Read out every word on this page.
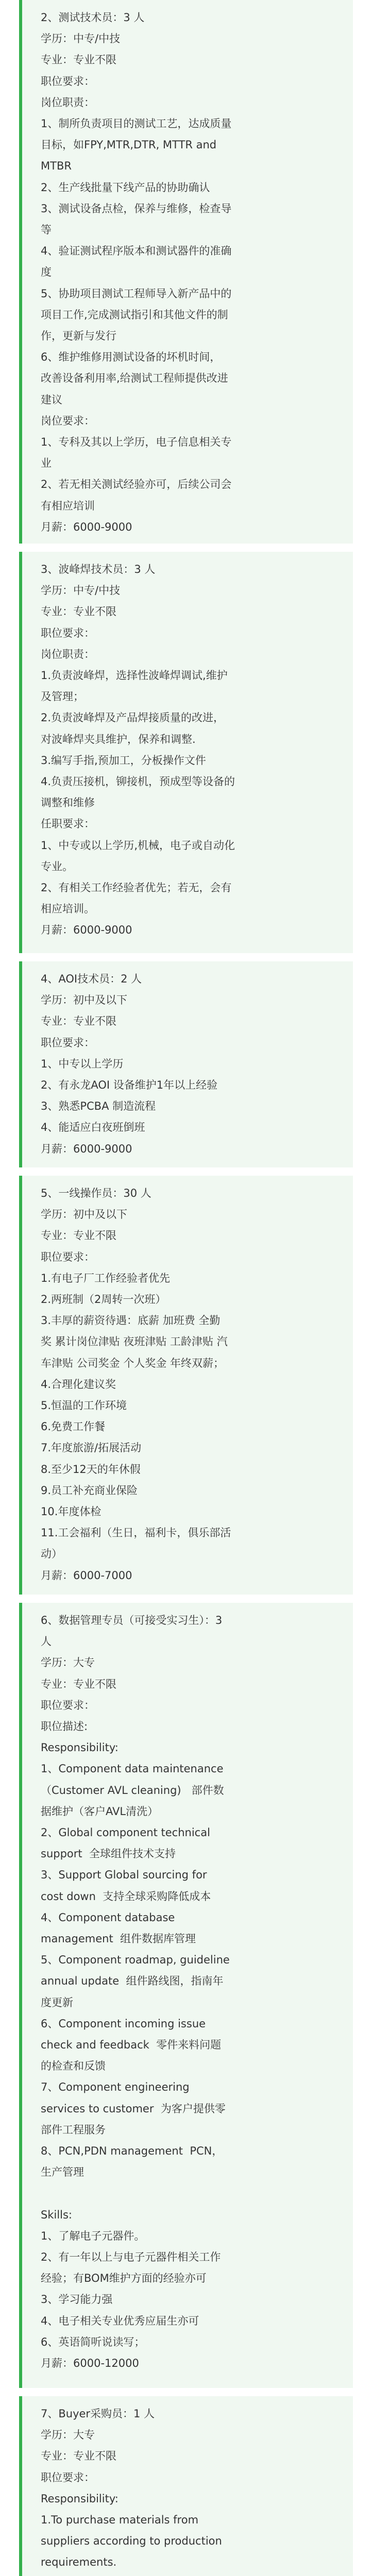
2、测试技术员：3 人
学历：中专/中技
专业：专业不限
职位要求：
岗位职责：
1、制所负责项目的测试工艺，达成质量
目标，如FPY,MTR,DTR, MTTR and
MTBR
2、生产线批量下线产品的协助确认
3、测试设备点检，保养与维修，检查导
等
4、验证测试程序版本和测试器件的准确
度
5、协助项目测试工程师导入新产品中的
项目工作,完成测试指引和其他文件的制
作，更新与发行
6、维护维修用测试设备的坏机时间，
改善设备利用率,给测试工程师提供改进
建议
岗位要求：
1、专科及其以上学历，电子信息相关专
业
2、若无相关测试经验亦可，后续公司会
有相应培训
月薪：6000-9000
3、波峰焊技术员：3 人
学历：中专/中技
专业：专业不限
职位要求：
岗位职责：
1.负责波峰焊，选择性波峰焊调试,维护
及管理；
2.负责波峰焊及产品焊接质量的改进，
对波峰焊夹具维护，保养和调整.
3.编写手指,预加工，分板操作文件
4.负责压接机，铆接机，预成型等设备的
调整和维修
任职要求：
1、中专或以上学历,机械，电子或自动化
专业。
2、有相关工作经验者优先；若无，会有
相应培训。
月薪：6000-9000
4、AOI技术员：2 人
学历：初中及以下
专业：专业不限
职位要求：
1、中专以上学历
2、有永龙AOI 设备维护1年以上经验
3、熟悉PCBA 制造流程
4、能适应白夜班倒班
月薪：6000-9000
5、一线操作员：30 人
学历：初中及以下
专业：专业不限
职位要求：
1.有电子厂工作经验者优先
2.两班制（2周转一次班）
3.丰厚的薪资待遇：底薪 加班费 全勤
奖 累计岗位津贴 夜班津贴 工龄津贴 汽
车津贴 公司奖金 个人奖金 年终双薪；
4.合理化建议奖
5.恒温的工作环境
6.免费工作餐
7.年度旅游/拓展活动
8.至少12天的年休假
9.员工补充商业保险
10.年度体检
11.工会福利（生日，福利卡，俱乐部活
动）
月薪：6000-7000
6、数据管理专员（可接受实习生）：3
人
学历：大专
专业：专业不限
职位要求：
职位描述:
Responsibility:
1、Component data maintenance
（Customer AVL cleaning)   部件数
据维护（客户AVL清洗）
2、Global component technical
support  全球组件技术支持
3、Support Global sourcing for
cost down  支持全球采购降低成本
4、Component database
management  组件数据库管理
5、Component roadmap, guideline
annual update  组件路线图，指南年
度更新
6、Component incoming issue
check and feedback  零件来料问题
的检查和反馈
7、Component engineering
services to customer  为客户提供零
部件工程服务
8、PCN,PDN management  PCN，
生产管理
Skills:
1、了解电子元器件。
2、有一年以上与电子元器件相关工作
经验；有BOM维护方面的经验亦可
3、学习能力强
4、电子相关专业优秀应届生亦可
6、英语简听说读写；
月薪：6000-12000
7、Buyer采购员：1 人
学历：大专
专业：专业不限
职位要求：
Responsibility:
1.To purchase materials from
suppliers according to production
requirements.
